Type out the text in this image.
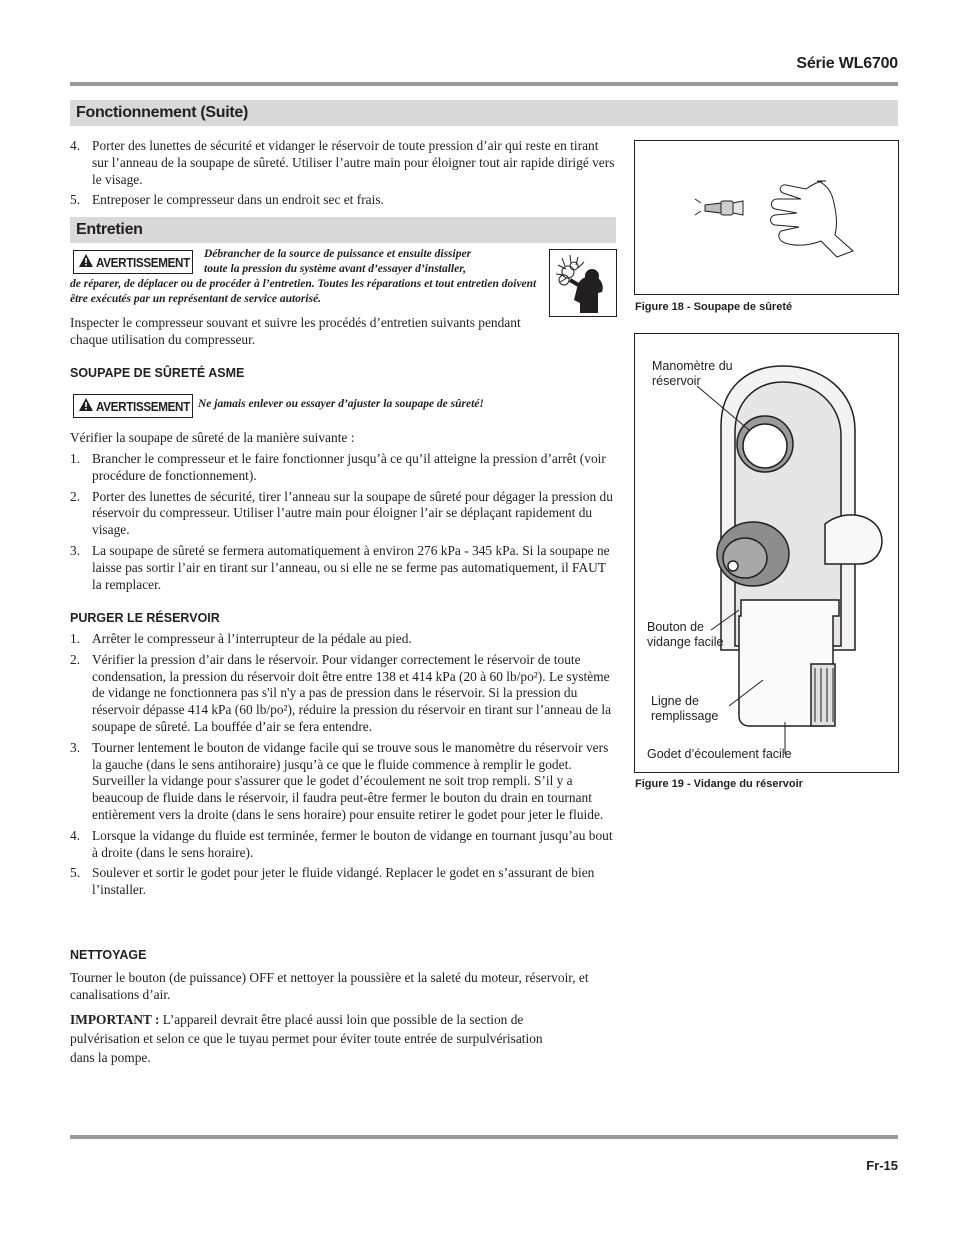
Série WL6700
Fonctionnement (Suite)
4. Porter des lunettes de sécurité et vidanger le réservoir de toute pression d’air qui reste en tirant sur l’anneau de la soupape de sûreté. Utiliser l’autre main pour éloigner tout air rapide dirigé vers le visage.
5. Entreposer le compresseur dans un endroit sec et frais.
Entretien
AVERTISSEMENT
Débrancher de la source de puissance et ensuite dissiper
toute la pression du système avant d’essayer d’installer,
de réparer, de déplacer ou de procéder à l’entretien. Toutes les réparations et tout entretien doivent être exécutés par un représentant de service autorisé.

Inspecter le compresseur souvant et suivre les procédés d’entretien suivants pendant chaque utilisation du compresseur.

SOUPAPE DE SÛRETÉ ASME
AVERTISSEMENT Ne jamais enlever ou essayer d’ajuster la soupape de sûreté!

Vérifier la soupape de sûreté de la manière suivante :

1. Brancher le compresseur et le faire fonctionner jusqu’à ce qu’il atteigne la pression d’arrêt (voir procédure de fonctionnement).
2. Porter des lunettes de sécurité, tirer l’anneau sur la soupape de sûreté pour dégager la pression du réservoir du compresseur. Utiliser l’autre main pour éloigner l’air se déplaçant rapidement du visage.
3. La soupape de sûreté se fermera automatiquement à environ 276 kPa - 345 kPa. Si la soupape ne laisse pas sortir l’air en tirant sur l’anneau, ou si elle ne se ferme pas automatiquement, il FAUT la remplacer.
PURGER LE RÉSERVOIR
1. Arrêter le compresseur à l’interrupteur de la pédale au pied.
2. Vérifier la pression d’air dans le réservoir. Pour vidanger correctement le réservoir de toute condensation, la pression du réservoir doit être entre 138 et 414 kPa (20 à 60 lb/po²). Le système de vidange ne fonctionnera pas s'il n'y a pas de pression dans le réservoir. Si la pression du réservoir dépasse 414 kPa (60 lb/po²), réduire la pression du réservoir en tirant sur l’anneau de la soupape de sûreté. La bouffée d’air se fera entendre.
3. Tourner lentement le bouton de vidange facile qui se trouve sous le manomètre du réservoir vers la gauche (dans le sens antihoraire) jusqu’à ce que le fluide commence à remplir le godet. Surveiller la vidange pour s'assurer que le godet d’écoulement ne soit trop rempli. S’il y a beaucoup de fluide dans le réservoir, il faudra peut-être fermer le bouton du drain en tournant entièrement vers la droite (dans le sens horaire) pour ensuite retirer le godet pour jeter le fluide.
4. Lorsque la vidange du fluide est terminée, fermer le bouton de vidange en tournant jusqu’au bout à droite (dans le sens horaire).
5. Soulever et sortir le godet pour jeter le fluide vidangé. Replacer le godet en s’assurant de bien l’installer.
NETTOYAGE

Tourner le bouton (de puissance) OFF et nettoyer la poussière et la saleté du moteur, réservoir, et canalisations d’air.

IMPORTANT : L’appareil devrait être placé aussi loin que possible de la section de pulvérisation et selon ce que le tuyau permet pour éviter toute entrée de surpulvérisation dans la pompe.

Figure 18 - Soupape de sûreté
Manomètre du
réservoir
Bouton de
vidange facile
Ligne de
remplissage
Godet d’écoulement facile
Figure 19 - Vidange du réservoir
Fr-15
